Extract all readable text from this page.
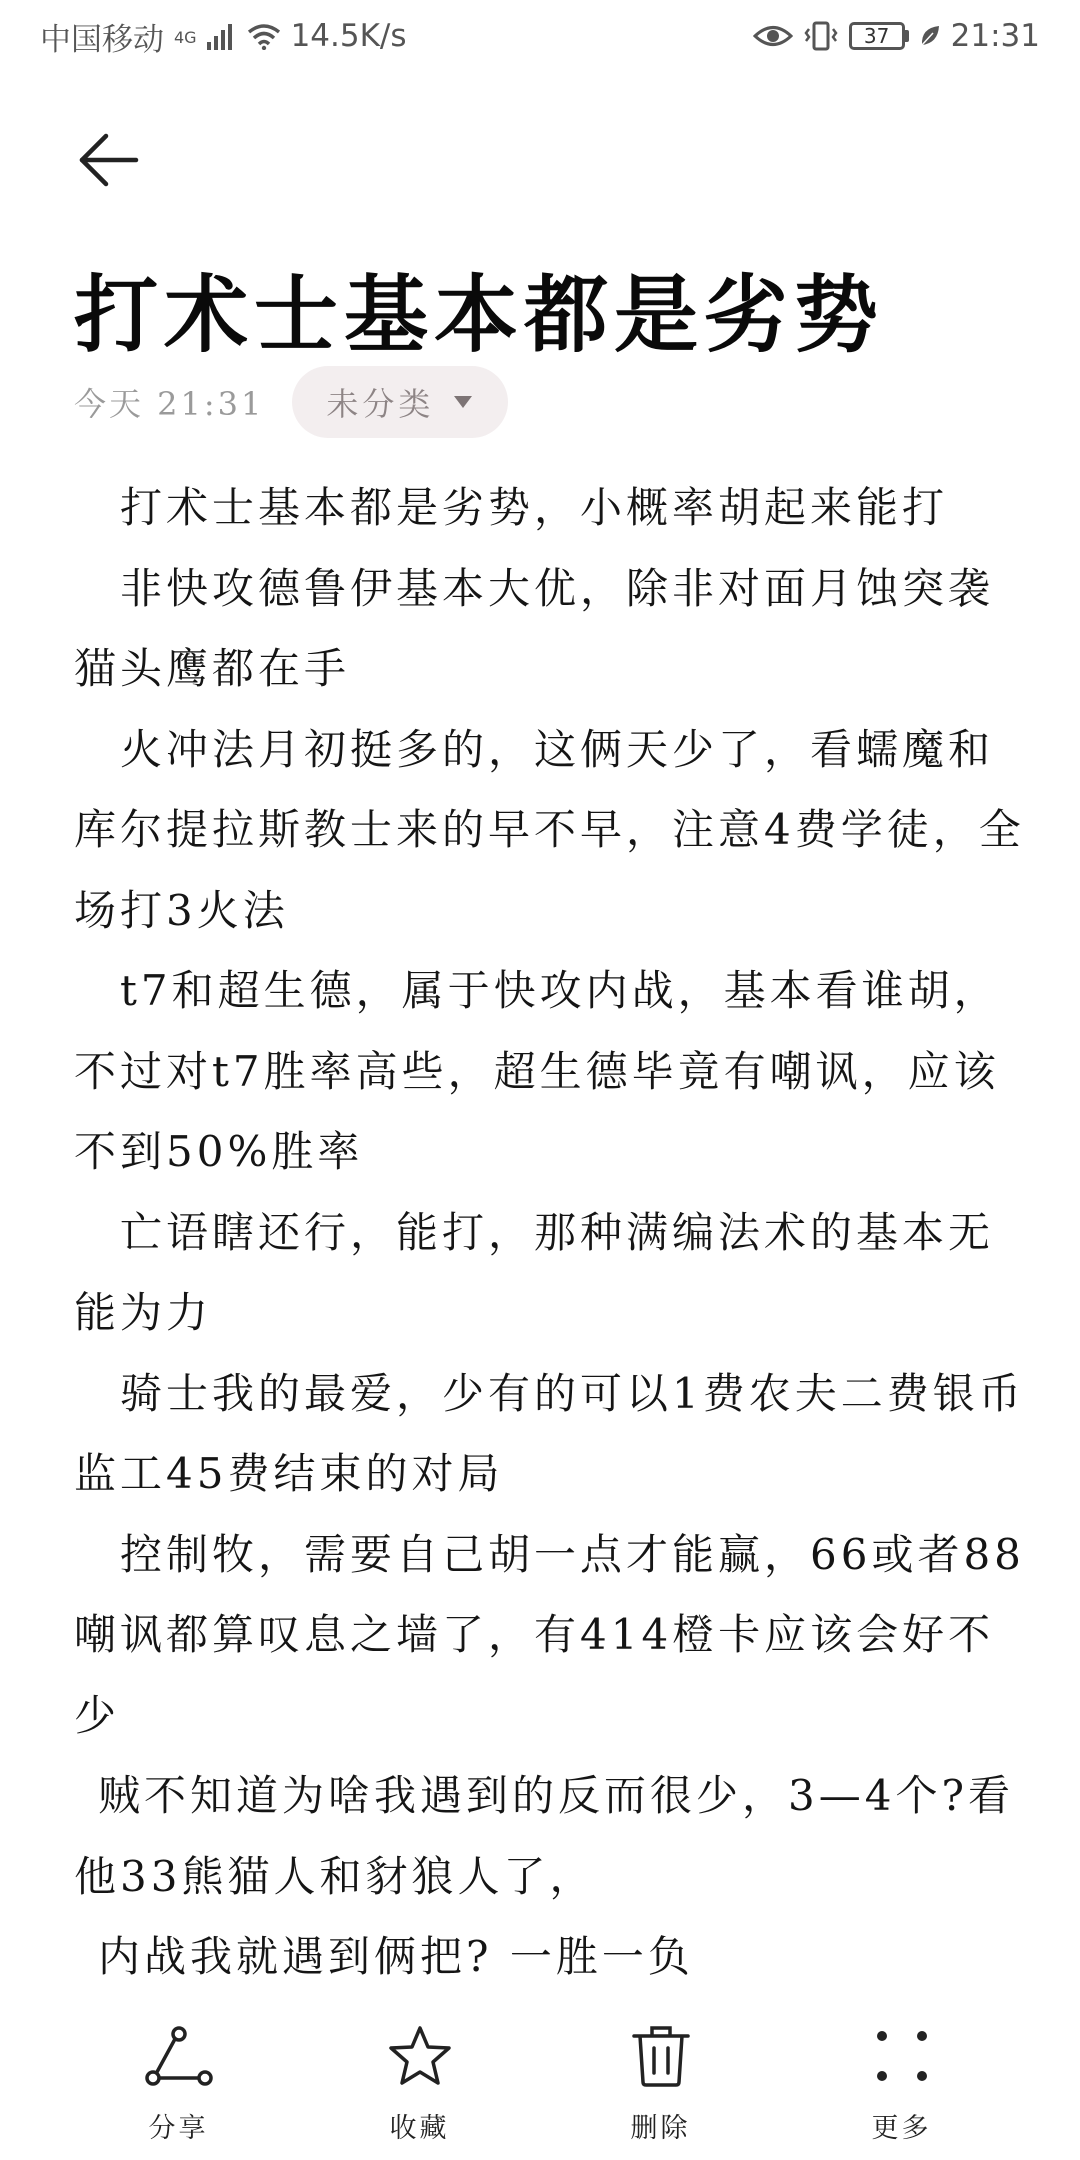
中国移动 4G	14.5K/s	37	21:31
打术士基本都是劣势
今天 21:31 未分类

打术士基本都是劣势，小概率胡起来能打

非快攻德鲁伊基本大优，除非对面月蚀突袭猫头鹰都在手

火冲法月初挺多的，这俩天少了，看蠕魔和库尔提拉斯教士来的早不早，注意4费学徒，全场打3火法

t7和超生德，属于快攻内战，基本看谁胡，不过对t7胜率高些，超生德毕竟有嘲讽，应该不到50%胜率

亡语瞎还行，能打，那种满编法术的基本无能为力

骑士我的最爱，少有的可以1费农夫二费银币监工45费结束的对局

控制牧，需要自己胡一点才能赢，66或者88嘲讽都算叹息之墙了，有414橙卡应该会好不少

贼不知道为啥我遇到的反而很少，3—4个?看他33熊猫人和豺狼人了，

内战我就遇到俩把? 一胜一负

分享	收藏	删除	更多
